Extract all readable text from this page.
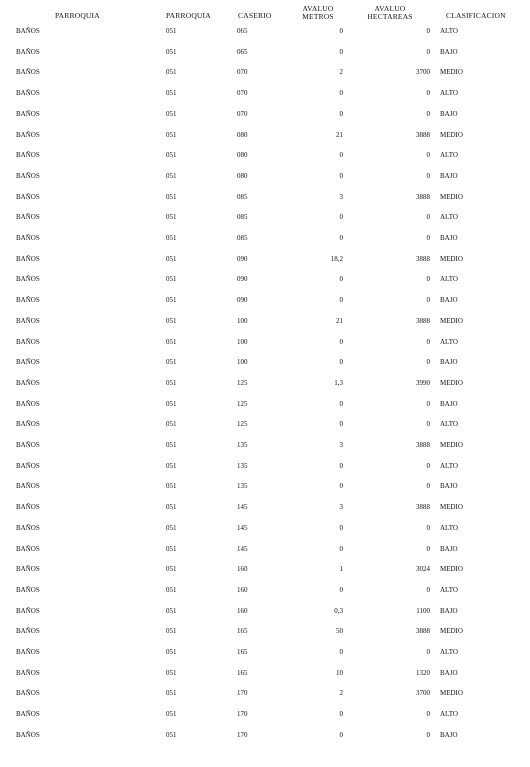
PARROQUIA	PARROQUIA	CASERIO
AVALUO
METROS
AVALUO
HECTAREAS	CLASIFICACION
BAÑOS	051	065	0	0 ALTO
BAÑOS	051	065	0	0 BAJO
BAÑOS	051	070	2	3700 MEDIO
BAÑOS	051	070	0	0 ALTO
BAÑOS	051	070	0	0 BAJO
BAÑOS	051	080	21	3888 MEDIO
BAÑOS	051	080	0	0 ALTO
BAÑOS	051	080	0	0 BAJO
BAÑOS	051	085	3	3888 MEDIO
BAÑOS	051	085	0	0 ALTO
BAÑOS	051	085	0	0 BAJO
BAÑOS	051	090	18,2	3888 MEDIO
BAÑOS	051	090	0	0 ALTO
BAÑOS	051	090	0	0 BAJO
BAÑOS	051	100	21	3888 MEDIO
BAÑOS	051	100	0	0 ALTO
BAÑOS	051	100	0	0 BAJO
BAÑOS	051	125	1,3	3990 MEDIO
BAÑOS	051	125	0	0 BAJO
BAÑOS	051	125	0	0 ALTO
BAÑOS	051	135	3	3888 MEDIO
BAÑOS	051	135	0	0 ALTO
BAÑOS	051	135	0	0 BAJO
BAÑOS	051	145	3	3888 MEDIO
BAÑOS	051	145	0	0 ALTO
BAÑOS	051	145	0	0 BAJO
BAÑOS	051	160	1	3024 MEDIO
BAÑOS	051	160	0	0 ALTO
BAÑOS	051	160	0,3	1100 BAJO
BAÑOS	051	165	50	3888 MEDIO
BAÑOS	051	165	0	0 ALTO
BAÑOS	051	165	10	1320 BAJO
BAÑOS	051	170	2	3700 MEDIO
BAÑOS	051	170	0	0 ALTO
BAÑOS	051	170	0	0 BAJO
